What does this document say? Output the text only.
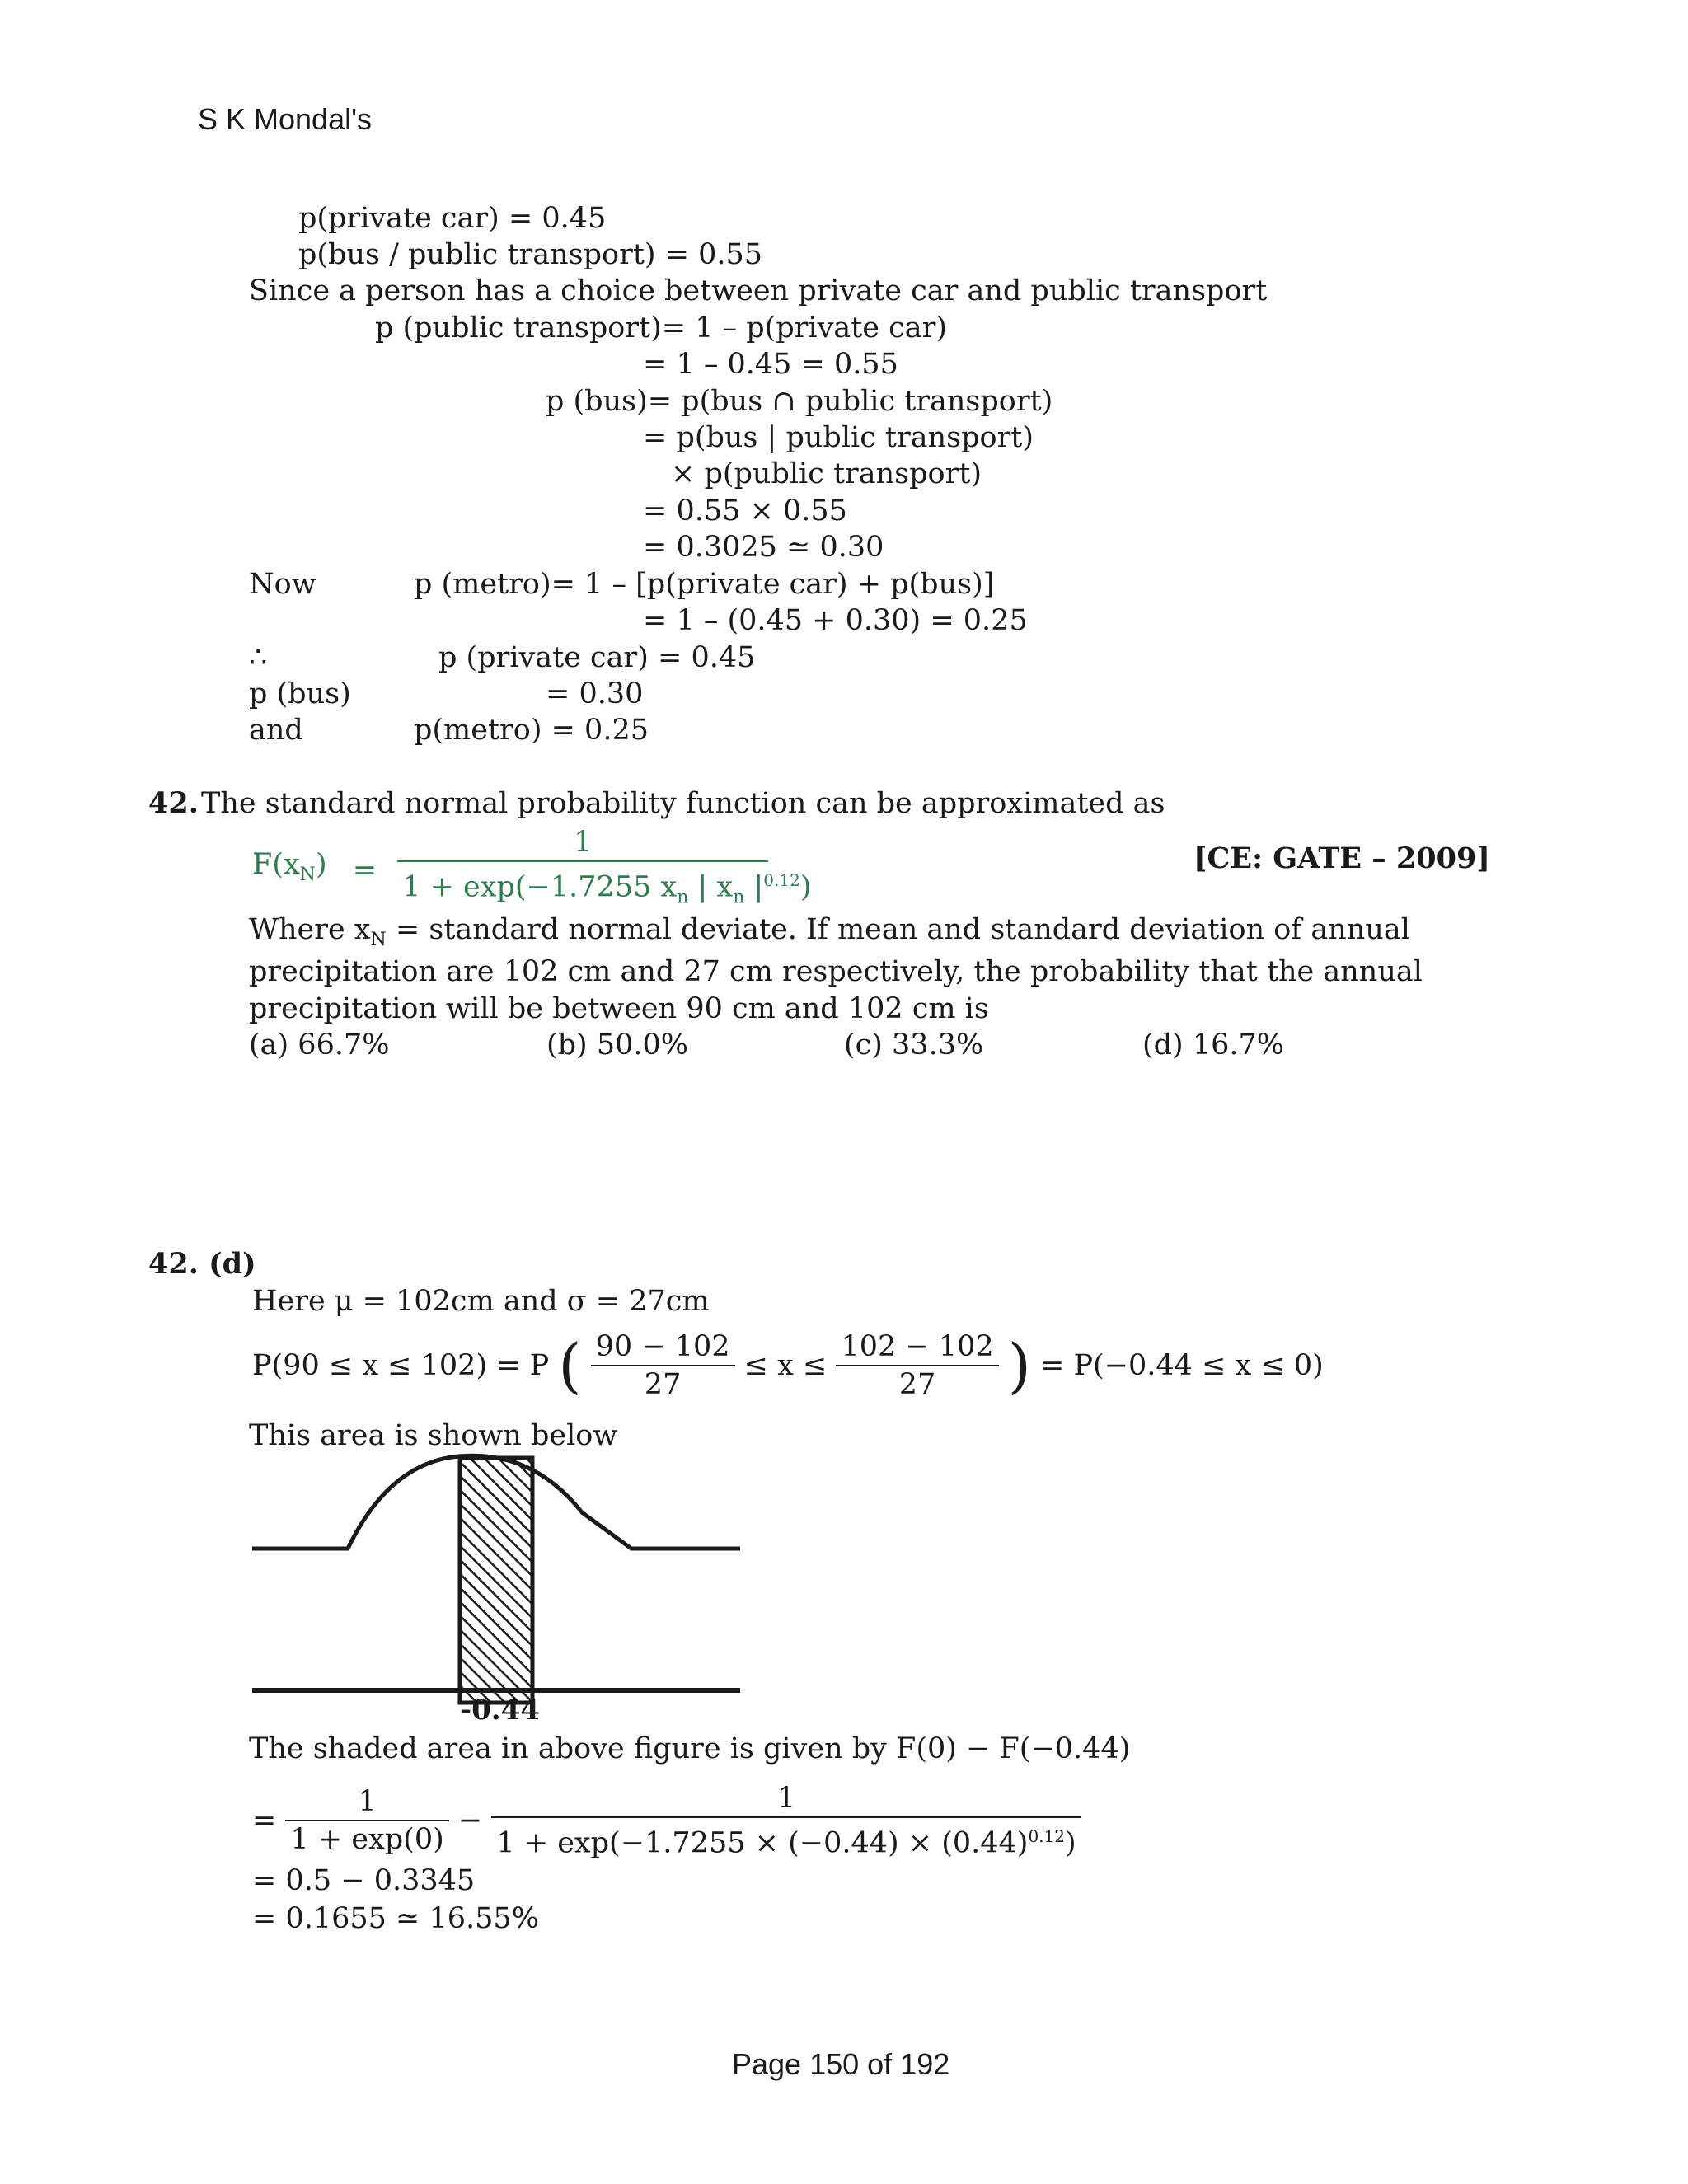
S K Mondal's
p(private car) = 0.45
p(bus / public transport) = 0.55
Since a person has a choice between private car and public transport
p (public transport)= 1 – p(private car)
= 1 – 0.45 = 0.55
p (bus)= p(bus ∩ public transport)
= p(bus | public transport)
× p(public transport)
= 0.55 × 0.55
= 0.3025 ≃ 0.30
Now	p (metro)= 1 – [p(private car) + p(bus)]
= 1 – (0.45 + 0.30) = 0.25
∴	p (private car) = 0.45
p (bus)	= 0.30
and	p(metro) = 0.25
42. The standard normal probability function can be approximated as
$F(x_N) = \frac{1}{1 + \exp(-1.7255 x_n | x_n |^{0.12})}$	[CE: GATE – 2009]
Where $x_N$ = standard normal deviate. If mean and standard deviation of annual
precipitation are 102 cm and 27 cm respectively, the probability that the annual
precipitation will be between 90 cm and 102 cm is
(a) 66.7%	(b) 50.0%	(c) 33.3%	(d) 16.7%
42. (d)
Here μ = 102cm and σ = 27cm
P(90 ≤ x ≤ 102) = P ( $\frac{90 - 102}{27} \le x \le \frac{102 - 102}{27}$ ) = P(−0.44 ≤ x ≤ 0)
This area is shown below
-0.44
The shaded area in above figure is given by F(0) − F(−0.44)
= $\frac{1}{1 + \exp(0)} - \frac{1}{1 + \exp(-1.7255 \times (-0.44) \times (0.44)^{0.12})}$
= 0.5 − 0.3345
= 0.1655 ≃ 16.55%
Page 150 of 192
